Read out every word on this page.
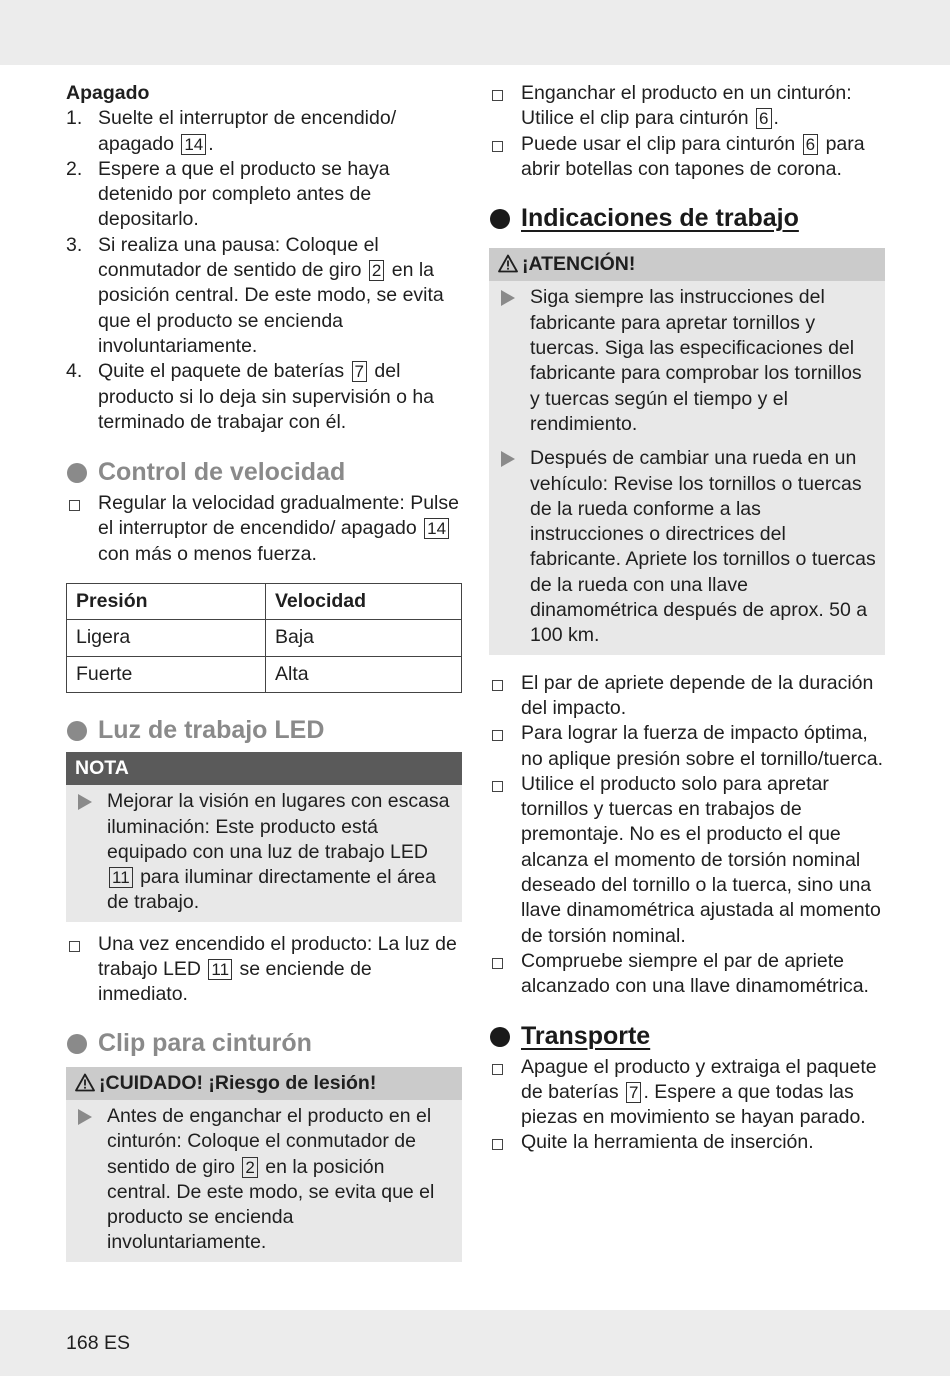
Apagado

1. Suelte el interruptor de encendido/ apagado 14 .
2. Espere a que el producto se haya detenido por completo antes de depositarlo.
3. Si realiza una pausa: Coloque el conmutador de sentido de giro 2 en la posición central. De este modo, se evita que el producto se encienda involuntariamente.
4. Quite el paquete de baterías 7 del producto si lo deja sin supervisión o ha terminado de trabajar con él.
Control de velocidad
Regular la velocidad gradualmente: Pulse el interruptor de encendido/ apagado 14 con más o menos fuerza.
Presión	Velocidad
Ligera	Baja
Fuerte	Alta
Luz de trabajo LED
NOTA
Mejorar la visión en lugares con escasa iluminación: Este producto está equipado con una luz de trabajo LED 11 para iluminar directamente el área de trabajo.
Una vez encendido el producto: La luz de trabajo LED 11 se enciende de inmediato.
Clip para cinturón
¡CUIDADO! ¡Riesgo de lesión!
Antes de enganchar el producto en el cinturón: Coloque el conmutador de sentido de giro 2 en la posición central. De este modo, se evita que el producto se encienda involuntariamente.
Enganchar el producto en un cinturón: Utilice el clip para cinturón 6 .
Puede usar el clip para cinturón 6 para abrir botellas con tapones de corona.
Indicaciones de trabajo
¡ATENCIÓN!
Siga siempre las instrucciones del fabricante para apretar tornillos y tuercas. Siga las especificaciones del fabricante para comprobar los tornillos y tuercas según el tiempo y el rendimiento.
Después de cambiar una rueda en un vehículo: Revise los tornillos o tuercas de la rueda conforme a las instrucciones o directrices del fabricante. Apriete los tornillos o tuercas de la rueda con una llave dinamométrica después de aprox. 50 a 100 km.
El par de apriete depende de la duración del impacto.
Para lograr la fuerza de impacto óptima, no aplique presión sobre el tornillo/tuerca.
Utilice el producto solo para apretar tornillos y tuercas en trabajos de premontaje. No es el producto el que alcanza el momento de torsión nominal deseado del tornillo o la tuerca, sino una llave dinamométrica ajustada al momento de torsión nominal.
Compruebe siempre el par de apriete alcanzado con una llave dinamométrica.
Transporte
Apague el producto y extraiga el paquete de baterías 7 . Espere a que todas las piezas en movimiento se hayan parado.
Quite la herramienta de inserción.
168 ES
